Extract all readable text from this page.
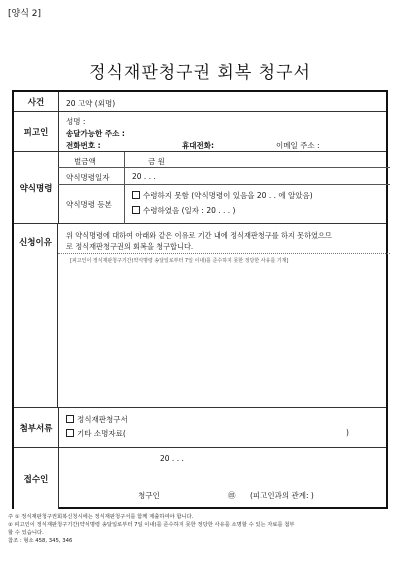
[양식 2]
정식재판청구권 회복 청구서
사건	20 고약 (외명)
피고인
성명 :
송달가능한 주소 :
전화번호 :	휴대전화:	이메일 주소 :
약식명령
벌금액	금 원
약식명령일자	20 . . .
약식명령 등본
수령하지 못함 (약식명령이 있음을 20 . . 에 알았음)
수령하였음 (일자 : 20 . . . )
신청이유
위 약식명령에 대하여 아래와 같은 이유로 기간 내에 정식재판청구를 하지 못하였으므
로 정식재판청구권의 회복을 청구합니다.
[피고인이 정식재판청구기간(약식명령 송달일로부터 7일 이내)를 준수하지 못한 정당한 사유를 기재]
첨부서류
정식재판청구서
기타 소명자료(	)
접수인
20 . . .
청구인	㊞ (피고인과의 관계: )
주 ① 정식재판청구권회복신청시에는 정식재판청구서를 함께 제출하여야 합니다.
② 피고인이 정식재판청구기간(약식명령 송달일로부터 7일 이내)를 준수하지 못한 정당한 사유를 소명할 수 있는 자료를 첨부
할 수 있습니다.
참조 : 형소 458, 345, 346
